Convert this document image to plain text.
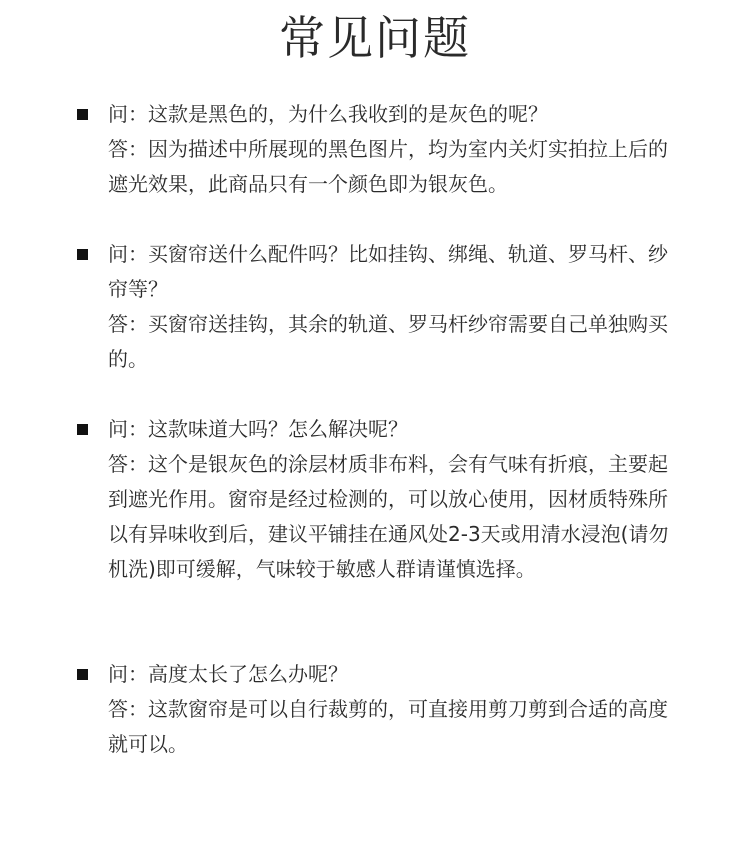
常见问题
问：这款是黑色的，为什么我收到的是灰色的呢？
答：因为描述中所展现的黑色图片，均为室内关灯实拍拉上后的遮光效果，此商品只有一个颜色即为银灰色。
问：买窗帘送什么配件吗？比如挂钩、绑绳、轨道、罗马杆、纱帘等？
答：买窗帘送挂钩，其余的轨道、罗马杆纱帘需要自己单独购买的。
问：这款味道大吗？怎么解决呢？
答：这个是银灰色的涂层材质非布料，会有气味有折痕，主要起到遮光作用。窗帘是经过检测的，可以放心使用，因材质特殊所以有异味收到后，建议平铺挂在通风处2-3天或用清水浸泡(请勿机洗)即可缓解，气味较于敏感人群请谨慎选择。
问：高度太长了怎么办呢？
答：这款窗帘是可以自行裁剪的，可直接用剪刀剪到合适的高度就可以。
